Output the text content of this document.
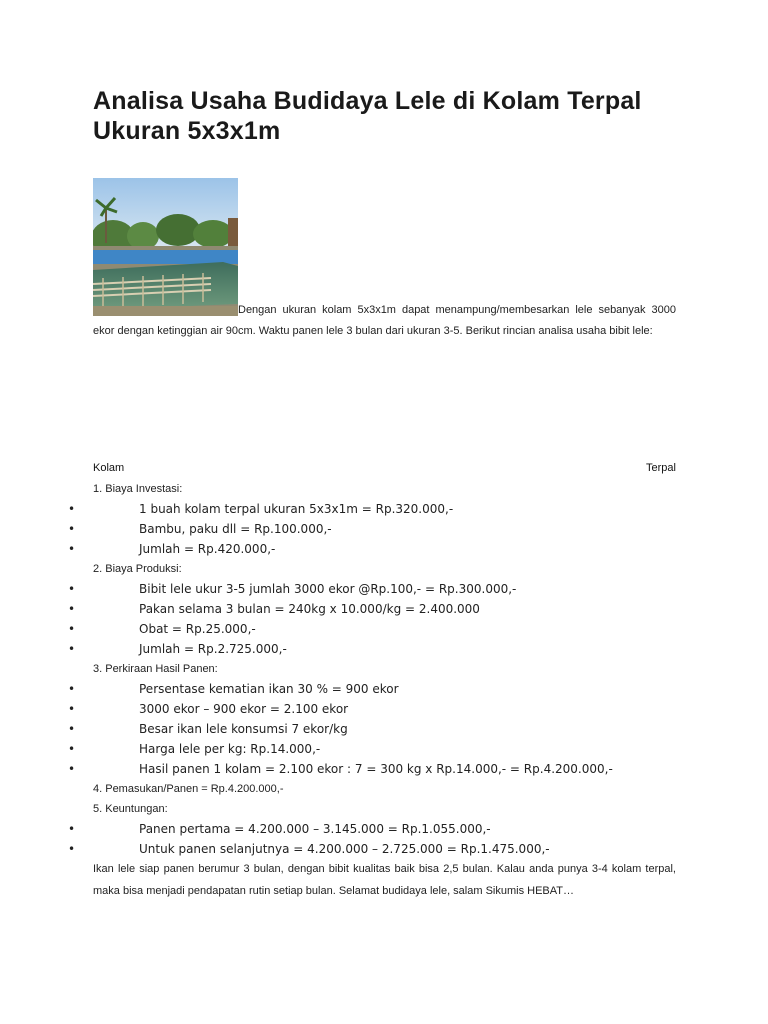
Analisa Usaha Budidaya Lele di Kolam Terpal Ukuran 5x3x1m

Dengan ukuran kolam 5x3x1m dapat menampung/membesarkan lele sebanyak 3000 ekor dengan ketinggian air 90cm. Waktu panen lele 3 bulan dari ukuran 3-5. Berikut rincian analisa usaha bibit lele:

Kolam	Terpal
1. Biaya Investasi:
•	1 buah kolam terpal ukuran 5x3x1m = Rp.320.000,-
•	Bambu, paku dll = Rp.100.000,-
•	Jumlah = Rp.420.000,-
2. Biaya Produksi:
•	Bibit lele ukur 3-5 jumlah 3000 ekor @Rp.100,- = Rp.300.000,-
•	Pakan selama 3 bulan = 240kg x 10.000/kg = 2.400.000
•	Obat = Rp.25.000,-
•	Jumlah = Rp.2.725.000,-
3. Perkiraan Hasil Panen:
•	Persentase kematian ikan 30 % = 900 ekor
•	3000 ekor – 900 ekor = 2.100 ekor
•	Besar ikan lele konsumsi 7 ekor/kg
•	Harga lele per kg: Rp.14.000,-
•	Hasil panen 1 kolam = 2.100 ekor : 7 = 300 kg x Rp.14.000,- = Rp.4.200.000,-
4. Pemasukan/Panen = Rp.4.200.000,-
5. Keuntungan:
•	Panen pertama = 4.200.000 – 3.145.000 = Rp.1.055.000,-
•	Untuk panen selanjutnya = 4.200.000 – 2.725.000 = Rp.1.475.000,-

Ikan lele siap panen berumur 3 bulan, dengan bibit kualitas baik bisa 2,5 bulan. Kalau anda punya 3-4 kolam terpal, maka bisa menjadi pendapatan rutin setiap bulan. Selamat budidaya lele, salam Sikumis HEBAT…
